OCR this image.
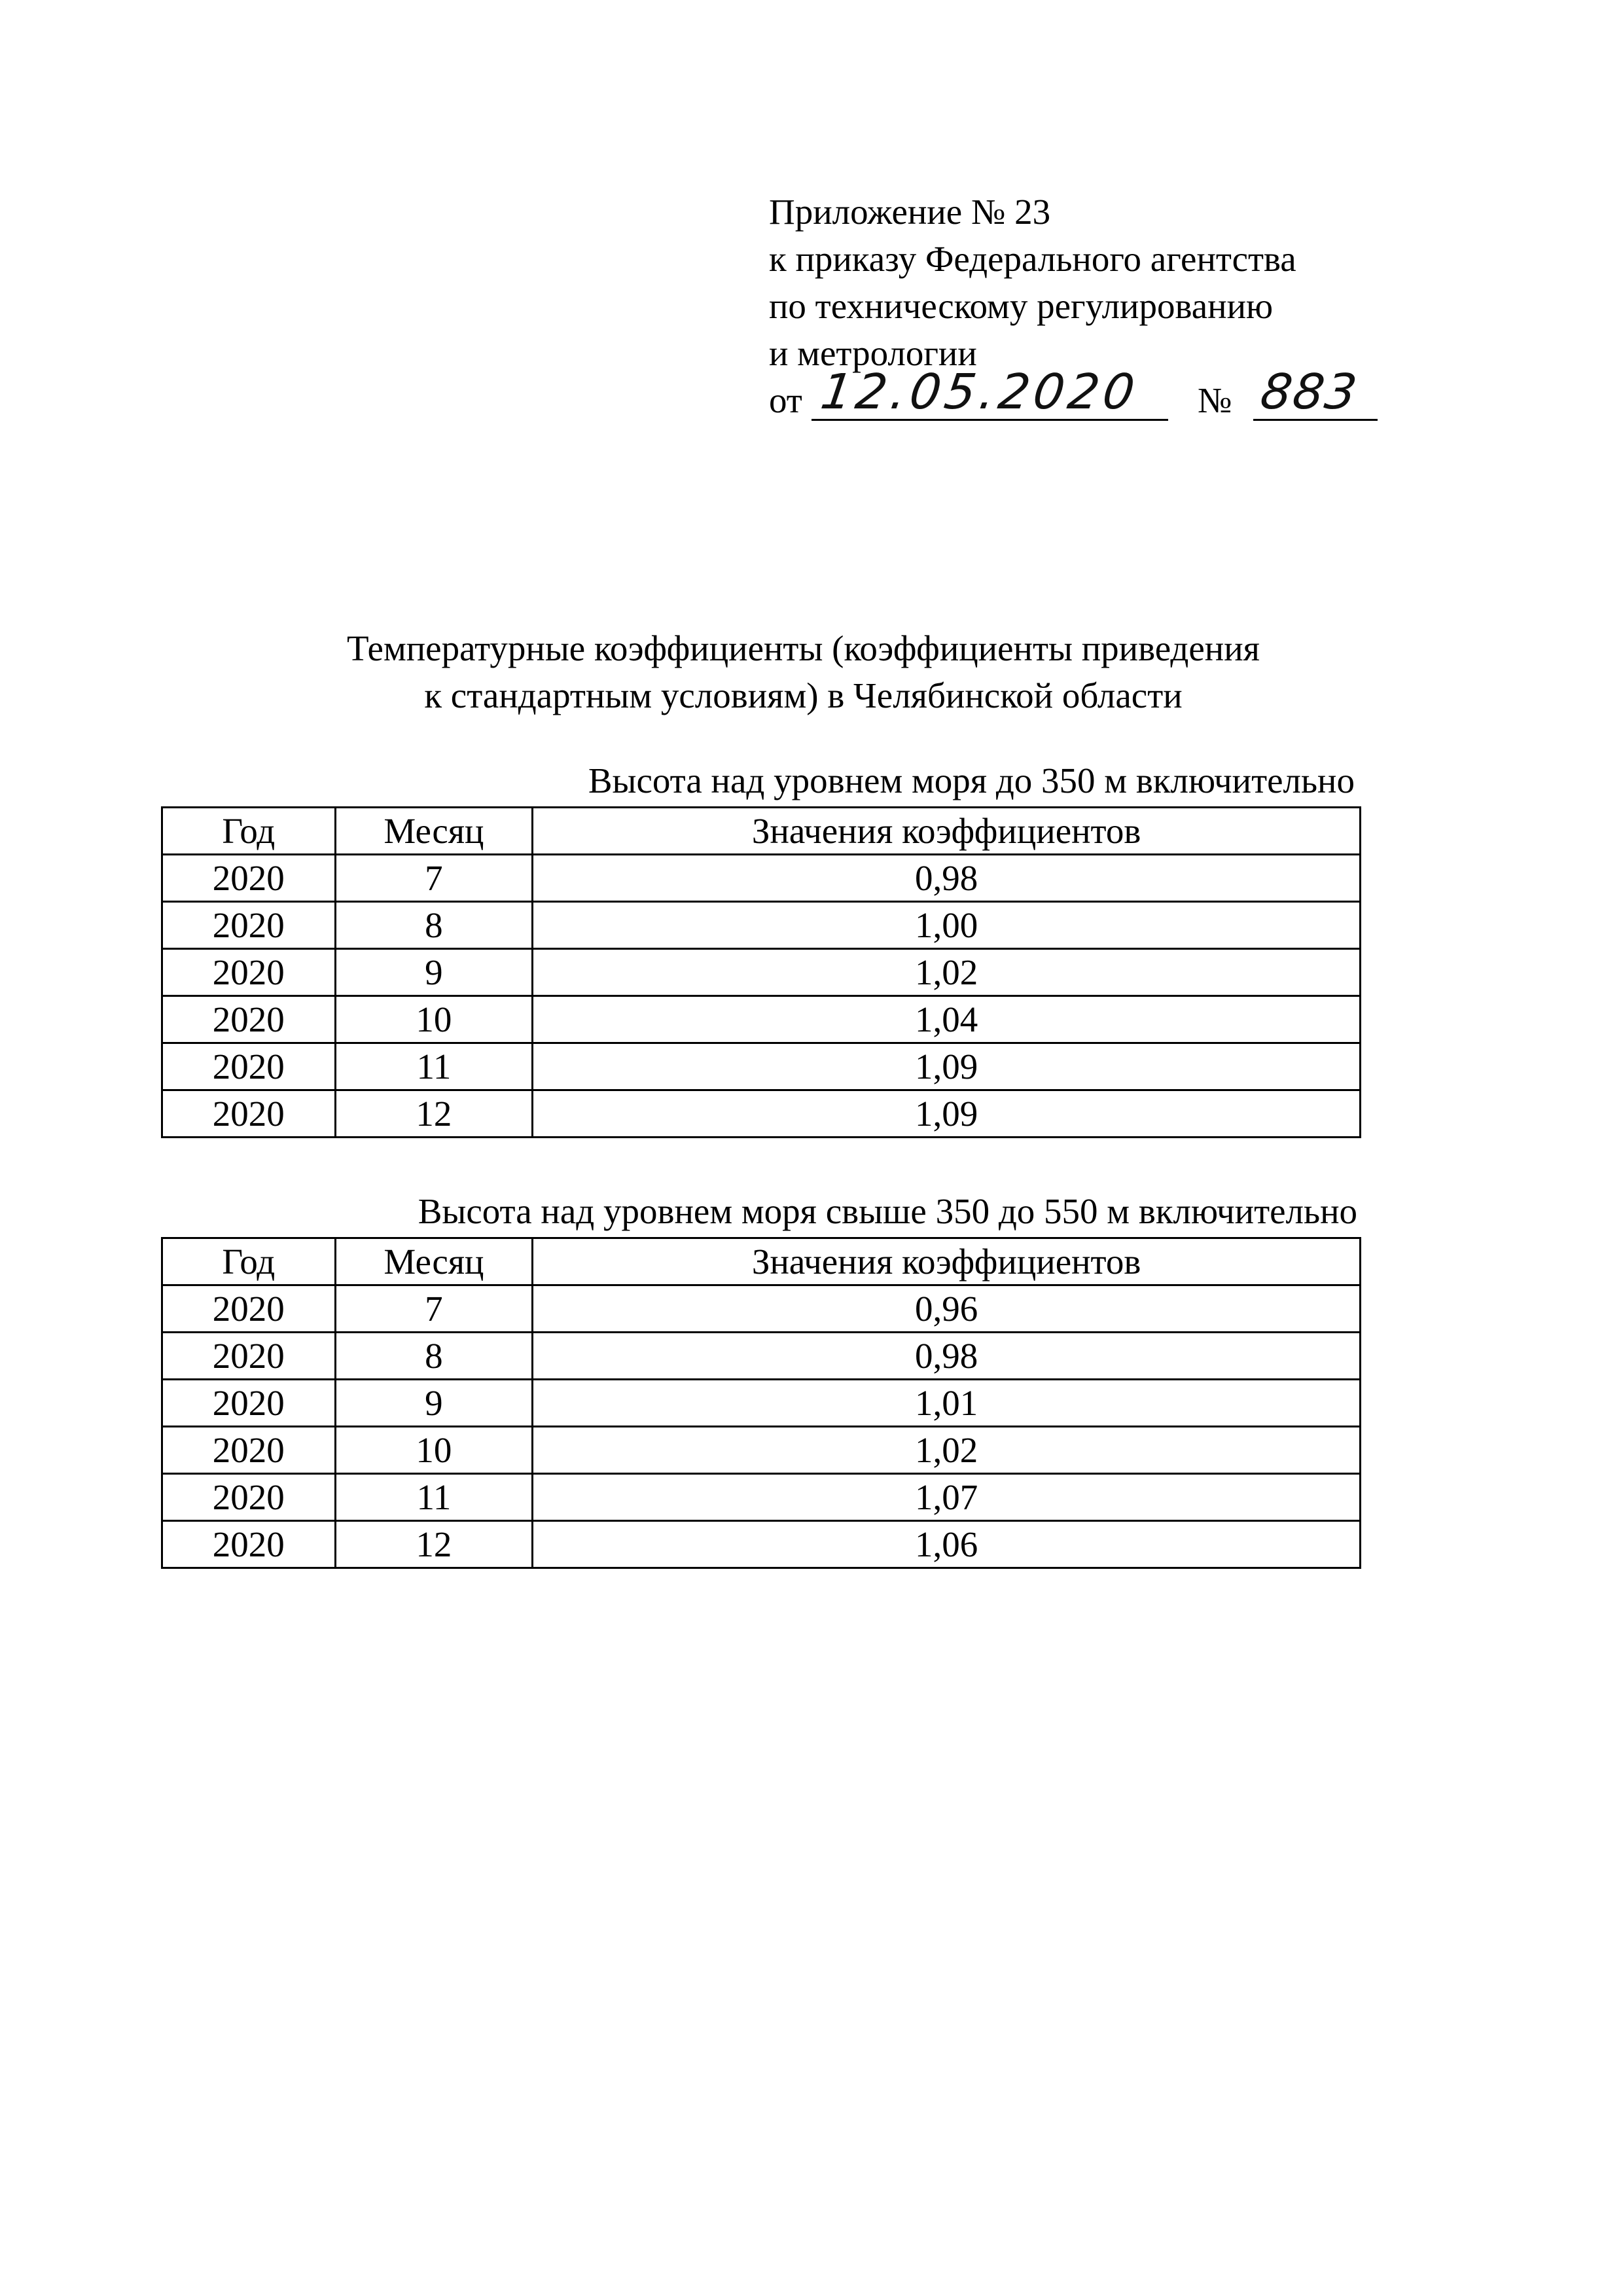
Приложение № 23
к приказу Федерального агентства
по техническому регулированию
и метрологии
от 12.05.2020	№ 883
Температурные коэффициенты (коэффициенты приведения
к стандартным условиям) в Челябинской области
Высота над уровнем моря до 350 м включительно
Год	Месяц	Значения коэффициентов
2020	7	0,98
2020	8	1,00
2020	9	1,02
2020	10	1,04
2020	11	1,09
2020	12	1,09
Высота над уровнем моря свыше 350 до 550 м включительно
Год	Месяц	Значения коэффициентов
2020	7	0,96
2020	8	0,98
2020	9	1,01
2020	10	1,02
2020	11	1,07
2020	12	1,06
